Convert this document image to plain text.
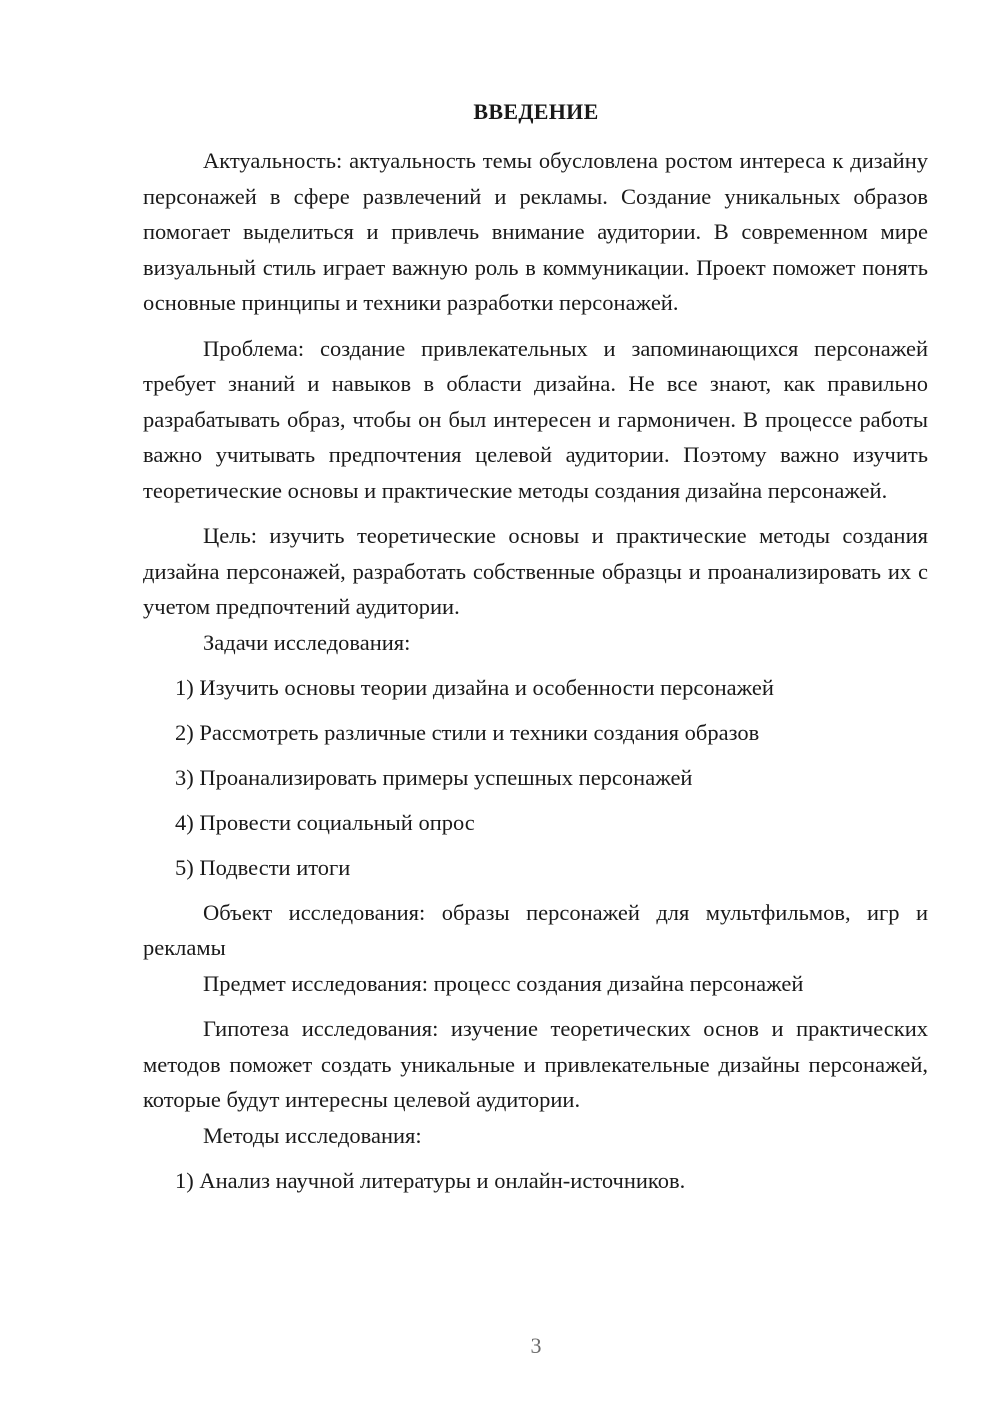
ВВЕДЕНИЕ

Актуальность: актуальность темы обусловлена ростом интереса к дизайну персонажей в сфере развлечений и рекламы. Создание уникальных образов помогает выделиться и привлечь внимание аудитории. В современном мире визуальный стиль играет важную роль в коммуникации. Проект поможет понять основные принципы и техники разработки персонажей.

Проблема: создание привлекательных и запоминающихся персонажей требует знаний и навыков в области дизайна. Не все знают, как правильно разрабатывать образ, чтобы он был интересен и гармоничен. В процессе работы важно учитывать предпочтения целевой аудитории. Поэтому важно изучить теоретические основы и практические методы создания дизайна персонажей.

Цель: изучить теоретические основы и практические методы создания дизайна персонажей, разработать собственные образцы и проанализировать их с учетом предпочтений аудитории.

Задачи исследования:

1) Изучить основы теории дизайна и особенности персонажей

2) Рассмотреть различные стили и техники создания образов

3) Проанализировать примеры успешных персонажей

4) Провести социальный опрос

5) Подвести итоги

Объект исследования: образы персонажей для мультфильмов, игр и рекламы

Предмет исследования: процесс создания дизайна персонажей

Гипотеза исследования: изучение теоретических основ и практических методов поможет создать уникальные и привлекательные дизайны персонажей, которые будут интересны целевой аудитории.

Методы исследования:

1) Анализ научной литературы и онлайн-источников.

3
